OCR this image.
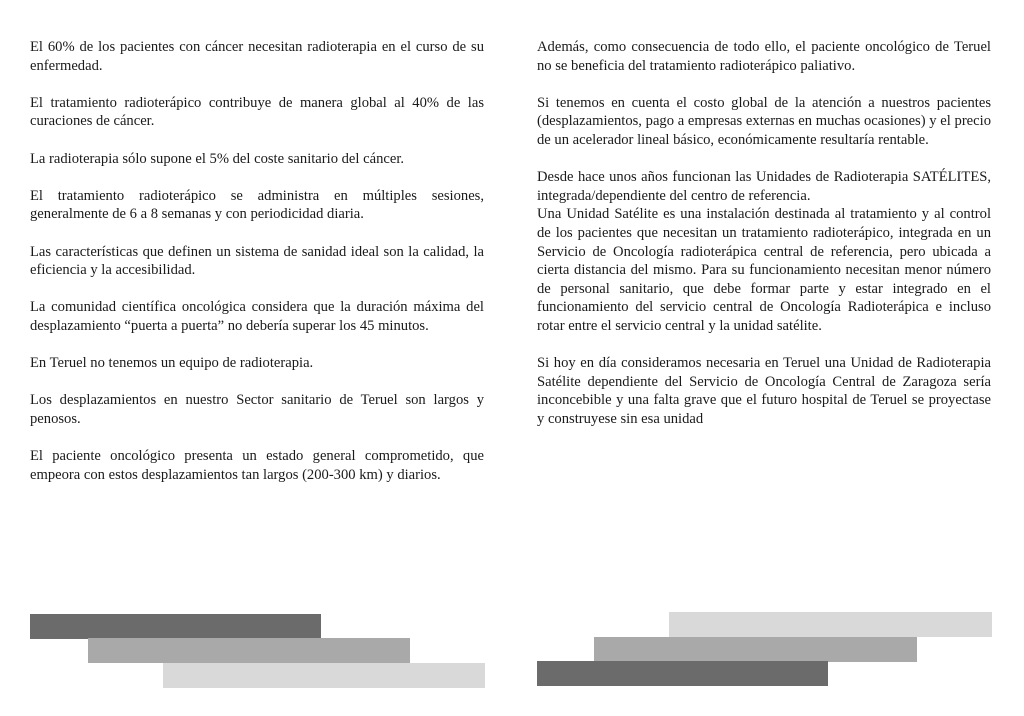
El 60% de los pacientes con cáncer necesitan radioterapia en el curso de su enfermedad.

El tratamiento radioterápico contribuye de manera global al 40% de las curaciones de cáncer.

La radioterapia sólo supone el 5% del coste sanitario del cáncer.

El tratamiento radioterápico se administra en múltiples sesiones, generalmente de 6 a 8 semanas y con periodicidad diaria.

Las características que definen un sistema de sanidad ideal son la calidad, la eficiencia y la accesibilidad.

La comunidad científica oncológica considera que la duración máxima del desplazamiento “puerta a puerta” no debería superar los 45 minutos.

En Teruel no tenemos un equipo de radioterapia.

Los desplazamientos en nuestro Sector sanitario de Teruel son largos y penosos.

El paciente oncológico presenta un estado general comprometido, que empeora con estos desplazamientos tan largos (200-300 km) y diarios.

Además, como consecuencia de todo ello, el paciente oncológico de Teruel no se beneficia del tratamiento radioterápico paliativo.

Si tenemos en cuenta el costo global de la atención a nuestros pacientes (desplazamientos, pago a empresas externas en muchas ocasiones) y el precio de un acelerador lineal básico, económicamente resultaría rentable.

Desde hace unos años funcionan las Unidades de Radioterapia SATÉLITES, integrada/dependiente del centro de referencia.

Una Unidad Satélite es una instalación destinada al tratamiento y al control de los pacientes que necesitan un tratamiento radioterápico, integrada en un Servicio de Oncología radioterápica central de referencia, pero ubicada a cierta distancia del mismo. Para su funcionamiento necesitan menor número de personal sanitario, que debe formar parte y estar integrado en el funcionamiento del servicio central de Oncología Radioterápica e incluso rotar entre el servicio central y la unidad satélite.

Si hoy en día consideramos necesaria en Teruel una Unidad de Radioterapia Satélite dependiente del Servicio de Oncología Central de Zaragoza sería inconcebible y una falta grave que el futuro hospital de Teruel se proyectase y construyese sin esa unidad
